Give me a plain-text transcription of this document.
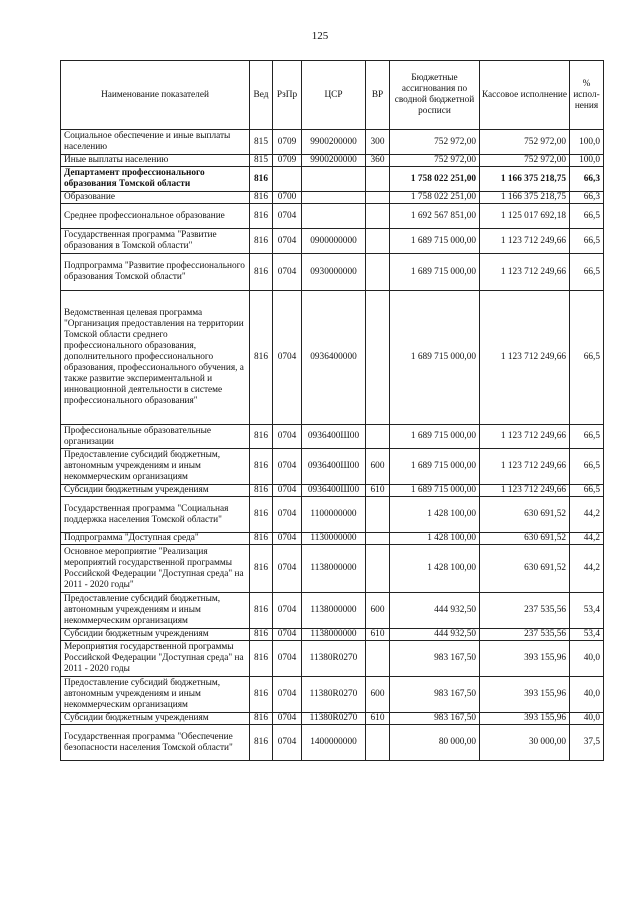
125
Наименование показателей	Вед	РзПр	ЦСР	ВР	Бюджетные ассигнования по сводной бюджетной росписи	Кассовое исполнение	% испол-нения
Социальное обеспечение и иные выплаты населению	815	0709	9900200000	300	752 972,00	752 972,00	100,0
Иные выплаты населению	815	0709	9900200000	360	752 972,00	752 972,00	100,0
Департамент профессионального образования Томской области	816				1 758 022 251,00	1 166 375 218,75	66,3
Образование	816	0700			1 758 022 251,00	1 166 375 218,75	66,3
Среднее профессиональное образование	816	0704			1 692 567 851,00	1 125 017 692,18	66,5
Государственная программа "Развитие образования в Томской области"	816	0704	0900000000		1 689 715 000,00	1 123 712 249,66	66,5
Подпрограмма "Развитие профессионального образования Томской области"	816	0704	0930000000		1 689 715 000,00	1 123 712 249,66	66,5
Ведомственная целевая программа "Организация предоставления на территории Томской области среднего профессионального образования, дополнительного профессионального образования, профессионального обучения, а также развитие экспериментальной и инновационной деятельности в системе профессионального образования"	816	0704	0936400000		1 689 715 000,00	1 123 712 249,66	66,5
Профессиональные образовательные организации	816	0704	0936400Ш00		1 689 715 000,00	1 123 712 249,66	66,5
Предоставление субсидий бюджетным, автономным учреждениям и иным некоммерческим организациям	816	0704	0936400Ш00	600	1 689 715 000,00	1 123 712 249,66	66,5
Субсидии бюджетным учреждениям	816	0704	0936400Ш00	610	1 689 715 000,00	1 123 712 249,66	66,5
Государственная программа "Социальная поддержка населения Томской области"	816	0704	1100000000		1 428 100,00	630 691,52	44,2
Подпрограмма "Доступная среда"	816	0704	1130000000		1 428 100,00	630 691,52	44,2
Основное мероприятие "Реализация мероприятий государственной программы Российской Федерации "Доступная среда" на 2011 - 2020 годы"	816	0704	1138000000		1 428 100,00	630 691,52	44,2
Предоставление субсидий бюджетным, автономным учреждениям и иным некоммерческим организациям	816	0704	1138000000	600	444 932,50	237 535,56	53,4
Субсидии бюджетным учреждениям	816	0704	1138000000	610	444 932,50	237 535,56	53,4
Мероприятия государственной программы Российской Федерации "Доступная среда" на 2011 - 2020 годы	816	0704	11380R0270		983 167,50	393 155,96	40,0
Предоставление субсидий бюджетным, автономным учреждениям и иным некоммерческим организациям	816	0704	11380R0270	600	983 167,50	393 155,96	40,0
Субсидии бюджетным учреждениям	816	0704	11380R0270	610	983 167,50	393 155,96	40,0
Государственная программа "Обеспечение безопасности населения Томской области"	816	0704	1400000000		80 000,00	30 000,00	37,5
